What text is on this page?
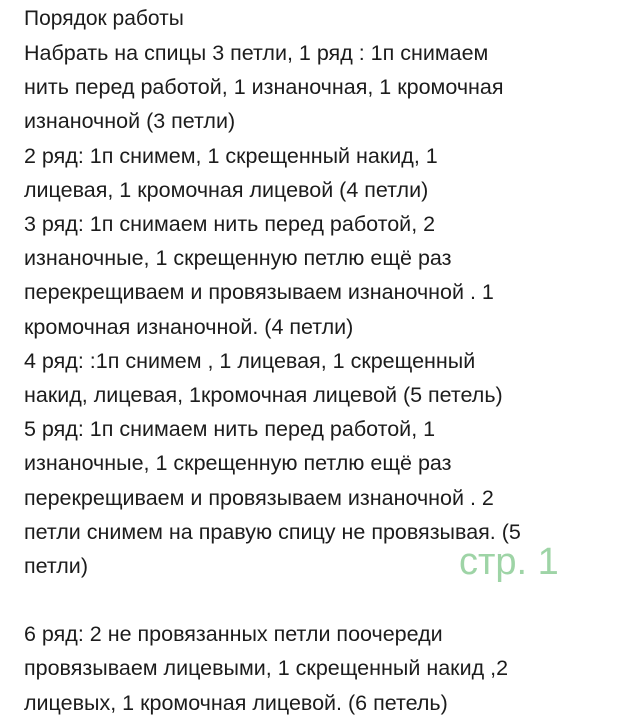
Порядок работы

Набрать на спицы 3 петли, 1 ряд : 1п снимаем

нить перед работой, 1 изнаночная, 1 кромочная

изнаночной (3 петли)

2 ряд: 1п снимем, 1 скрещенный накид, 1

лицевая, 1 кромочная лицевой (4 петли)

3 ряд: 1п снимаем нить перед работой, 2

изнаночные, 1 скрещенную петлю ещё раз

перекрещиваем и провязываем изнаночной . 1

кромочная изнаночной. (4 петли)

4 ряд: :1п снимем , 1 лицевая, 1 скрещенный

накид, лицевая, 1кромочная лицевой (5 петель)

5 ряд: 1п снимаем нить перед работой, 1

изнаночные, 1 скрещенную петлю ещё раз

перекрещиваем и провязываем изнаночной . 2

петли снимем на правую спицу не провязывая. (5

петли)

6 ряд: 2 не провязанных петли поочереди

провязываем лицевыми, 1 скрещенный накид ,2

лицевых, 1 кромочная лицевой. (6 петель)

стр. 1
